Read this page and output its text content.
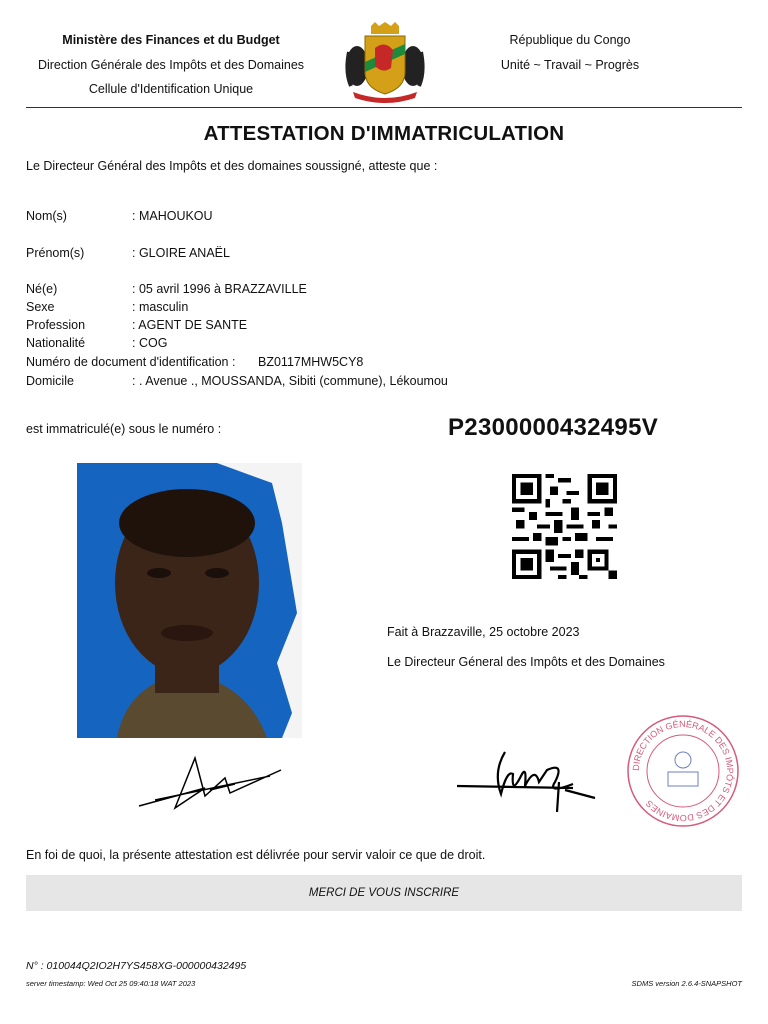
Ministère des Finances et du Budget
Direction Générale des Impôts et des Domaines
Cellule d'Identification Unique
République du Congo
Unité ~ Travail ~ Progrès
ATTESTATION D'IMMATRICULATION
Le Directeur Général des Impôts et des domaines soussigné, atteste que :
Nom(s)	: MAHOUKOU
Prénom(s)	: GLOIRE ANAËL
Né(e)	: 05 avril 1996 à BRAZZAVILLE
Sexe	: masculin
Profession	: AGENT DE SANTE
Nationalité	: COG
Numéro de document d'identification : BZ0117MHW5CY8
Domicile	: . Avenue ., MOUSSANDA, Sibiti (commune), Lékoumou
est immatriculé(e) sous le numéro :	P2300000432495V
Fait à Brazzaville, 25 octobre 2023
Le Directeur Géneral des Impôts et des Domaines
DIRECTION GÉNÉRALE DES IMPÔTS ET DES DOMAINES
En foi de quoi, la présente attestation est délivrée pour servir valoir ce que de droit.
MERCI DE VOUS INSCRIRE
N° : 010044Q2IO2H7YS458XG-000000432495
server timestamp: Wed Oct 25 09:40:18 WAT 2023	SDMS version 2.6.4-SNAPSHOT
